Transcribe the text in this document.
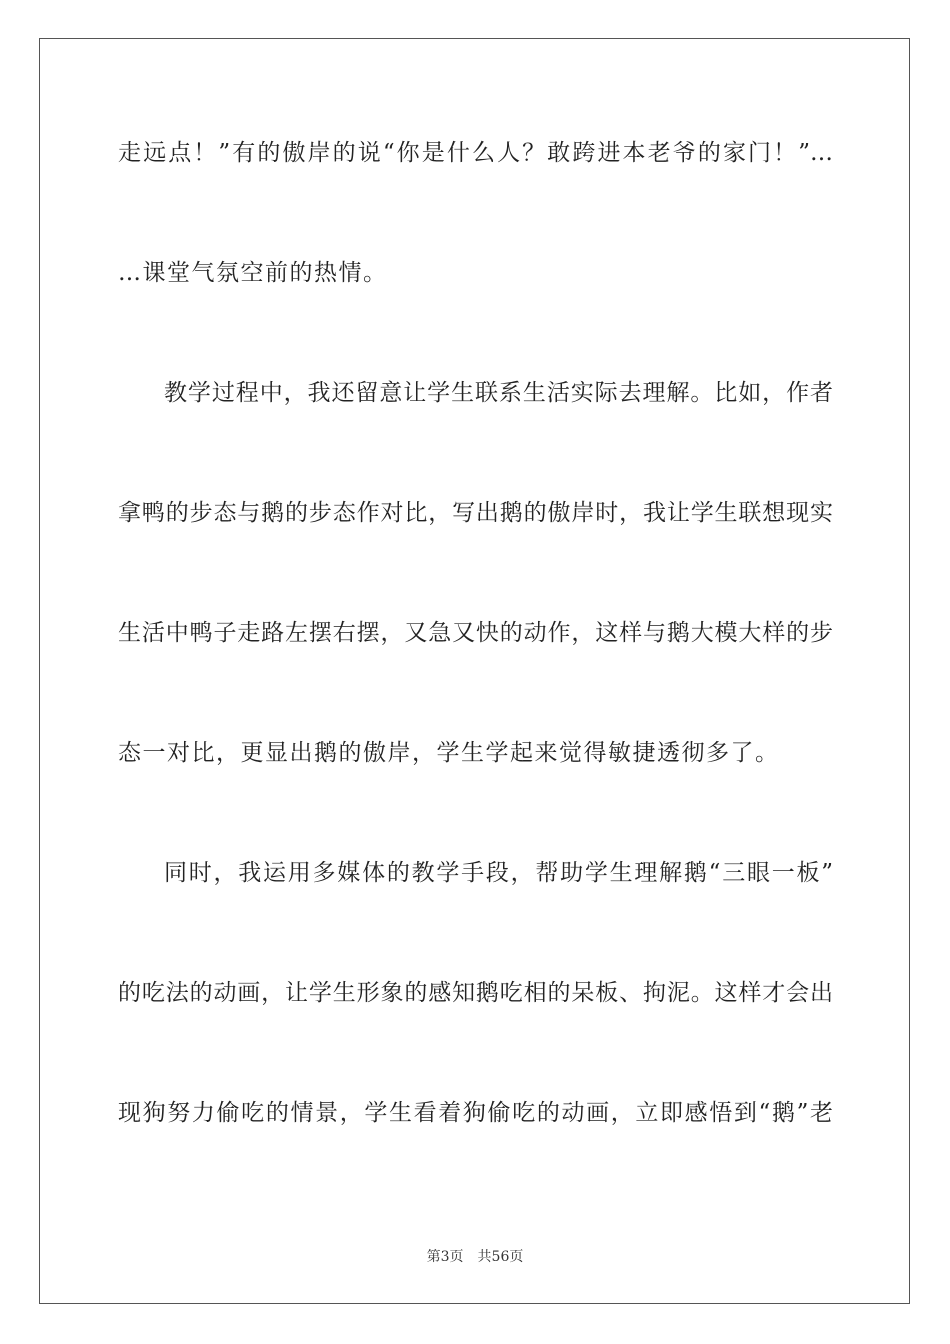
走远点！”有的傲岸的说“你是什么人？敢跨进本老爷的家门！”…
…课堂气氛空前的热情。
教学过程中，我还留意让学生联系生活实际去理解。比如，作者
拿鸭的步态与鹅的步态作对比，写出鹅的傲岸时，我让学生联想现实
生活中鸭子走路左摆右摆，又急又快的动作，这样与鹅大模大样的步
态一对比，更显出鹅的傲岸，学生学起来觉得敏捷透彻多了。
同时，我运用多媒体的教学手段，帮助学生理解鹅“三眼一板”
的吃法的动画，让学生形象的感知鹅吃相的呆板、拘泥。这样才会出
现狗努力偷吃的情景，学生看着狗偷吃的动画，立即感悟到“鹅”老
第3页 共56页
